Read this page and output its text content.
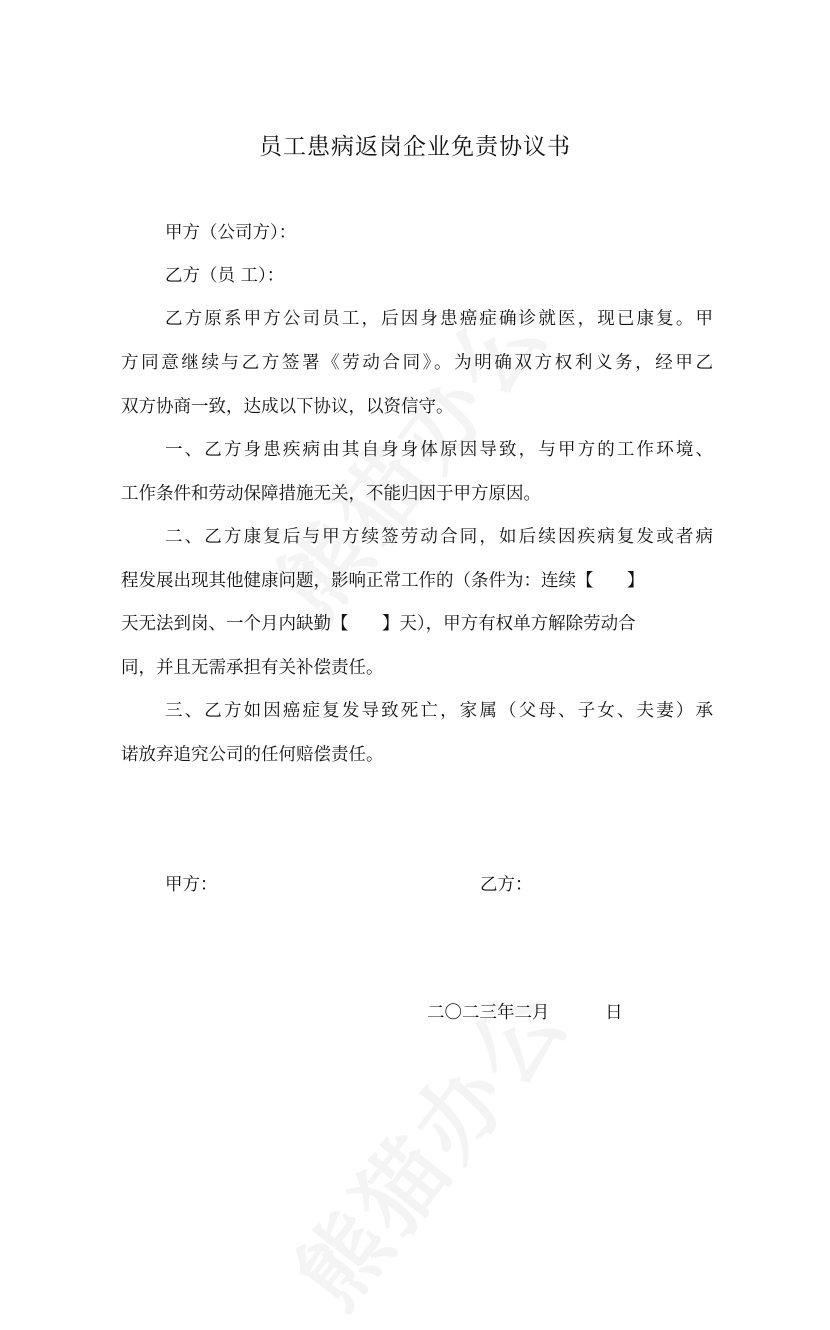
员工患病返岗企业免责协议书

甲方（公司方）：

乙方（员 工）：

乙方原系甲方公司员工，后因身患癌症确诊就医，现已康复。甲

方同意继续与乙方签署《劳动合同》。为明确双方权利义务，经甲乙

双方协商一致，达成以下协议，以资信守。

一、乙方身患疾病由其自身身体原因导致，与甲方的工作环境、

工作条件和劳动保障措施无关，不能归因于甲方原因。

二、乙方康复后与甲方续签劳动合同，如后续因疾病复发或者病

程发展出现其他健康问题，影响正常工作的（条件为：连续【      】

天无法到岗、一个月内缺勤【      】天），甲方有权单方解除劳动合

同，并且无需承担有关补偿责任。

三、乙方如因癌症复发导致死亡，家属（父母、子女、夫妻）承

诺放弃追究公司的任何赔偿责任。

甲方：	乙方：

二〇二三年二月          日
